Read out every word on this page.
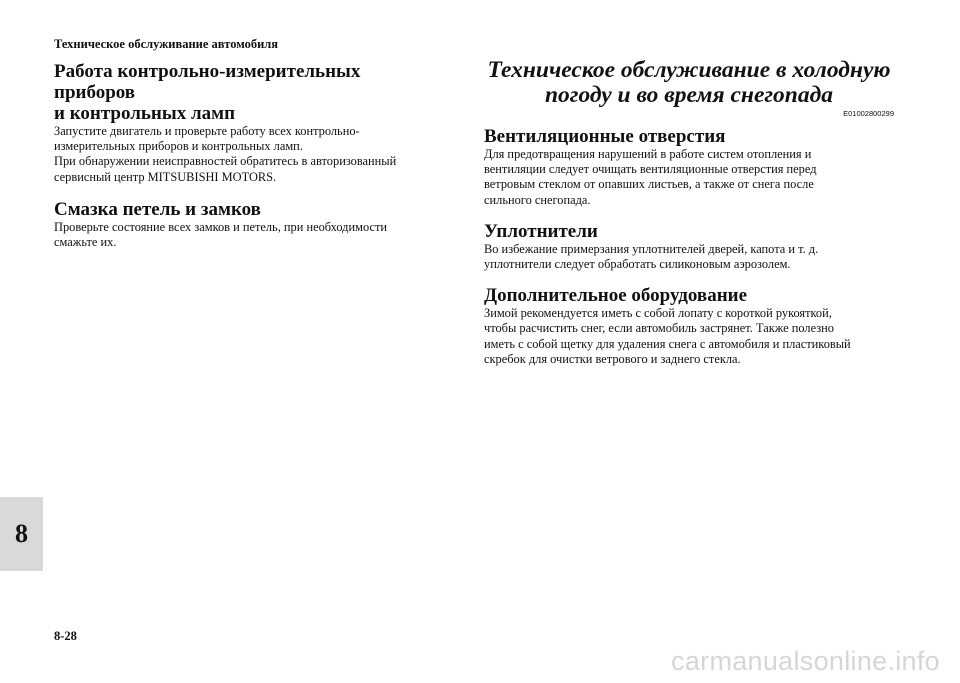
Техническое обслуживание автомобиля
Работа контрольно-измерительных приборов
и контрольных ламп

Запустите двигатель и проверьте работу всех контрольно-
измерительных приборов и контрольных ламп.
При обнаружении неисправностей обратитесь в авторизованный
сервисный центр MITSUBISHI MOTORS.

Смазка петель и замков

Проверьте состояние всех замков и петель, при необходимости
смажьте их.

Техническое обслуживание в холодную
погоду и во время снегопада
E01002800299
Вентиляционные отверстия

Для предотвращения нарушений в работе систем отопления и
вентиляции следует очищать вентиляционные отверстия перед
ветровым стеклом от опавших листьев, а также от снега после
сильного снегопада.

Уплотнители

Во избежание примерзания уплотнителей дверей, капота и т. д.
уплотнители следует обработать силиконовым аэрозолем.

Дополнительное оборудование

Зимой рекомендуется иметь с собой лопату с короткой рукояткой,
чтобы расчистить снег, если автомобиль застрянет. Также полезно
иметь с собой щетку для удаления снега с автомобиля и пластиковый
скребок для очистки ветрового и заднего стекла.

8
8-28
carmanualsonline.info
